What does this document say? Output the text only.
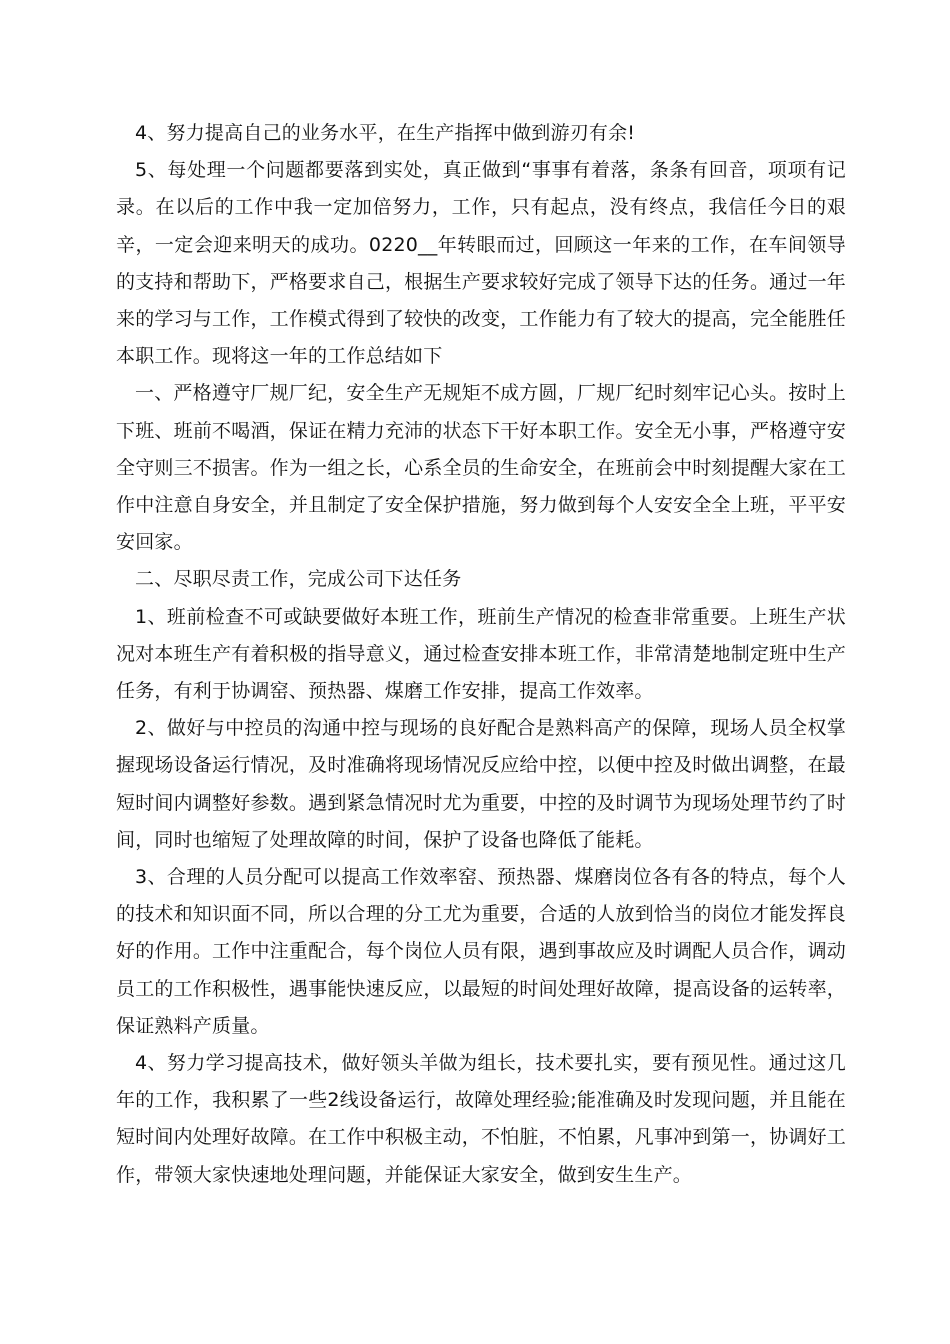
4、努力提高自己的业务水平，在生产指挥中做到游刃有余!

5、每处理一个问题都要落到实处，真正做到“事事有着落，条条有回音，项项有记录。在以后的工作中我一定加倍努力，工作，只有起点，没有终点，我信任今日的艰辛，一定会迎来明天的成功。0220__年转眼而过，回顾这一年来的工作，在车间领导的支持和帮助下，严格要求自己，根据生产要求较好完成了领导下达的任务。通过一年来的学习与工作，工作模式得到了较快的改变，工作能力有了较大的提高，完全能胜任本职工作。现将这一年的工作总结如下

一、严格遵守厂规厂纪，安全生产无规矩不成方圆，厂规厂纪时刻牢记心头。按时上下班、班前不喝酒，保证在精力充沛的状态下干好本职工作。安全无小事，严格遵守安全守则三不损害。作为一组之长，心系全员的生命安全，在班前会中时刻提醒大家在工作中注意自身安全，并且制定了安全保护措施，努力做到每个人安安全全上班，平平安安回家。

二、尽职尽责工作，完成公司下达任务

1、班前检查不可或缺要做好本班工作，班前生产情况的检查非常重要。上班生产状况对本班生产有着积极的指导意义，通过检查安排本班工作，非常清楚地制定班中生产任务，有利于协调窑、预热器、煤磨工作安排，提高工作效率。

2、做好与中控员的沟通中控与现场的良好配合是熟料高产的保障，现场人员全权掌握现场设备运行情况，及时准确将现场情况反应给中控，以便中控及时做出调整，在最短时间内调整好参数。遇到紧急情况时尤为重要，中控的及时调节为现场处理节约了时间，同时也缩短了处理故障的时间，保护了设备也降低了能耗。

3、合理的人员分配可以提高工作效率窑、预热器、煤磨岗位各有各的特点，每个人的技术和知识面不同，所以合理的分工尤为重要，合适的人放到恰当的岗位才能发挥良好的作用。工作中注重配合，每个岗位人员有限，遇到事故应及时调配人员合作，调动员工的工作积极性，遇事能快速反应，以最短的时间处理好故障，提高设备的运转率，保证熟料产质量。

4、努力学习提高技术，做好领头羊做为组长，技术要扎实，要有预见性。通过这几年的工作，我积累了一些2线设备运行，故障处理经验;能准确及时发现问题，并且能在短时间内处理好故障。在工作中积极主动，不怕脏，不怕累，凡事冲到第一，协调好工作，带领大家快速地处理问题，并能保证大家安全，做到安生生产。
